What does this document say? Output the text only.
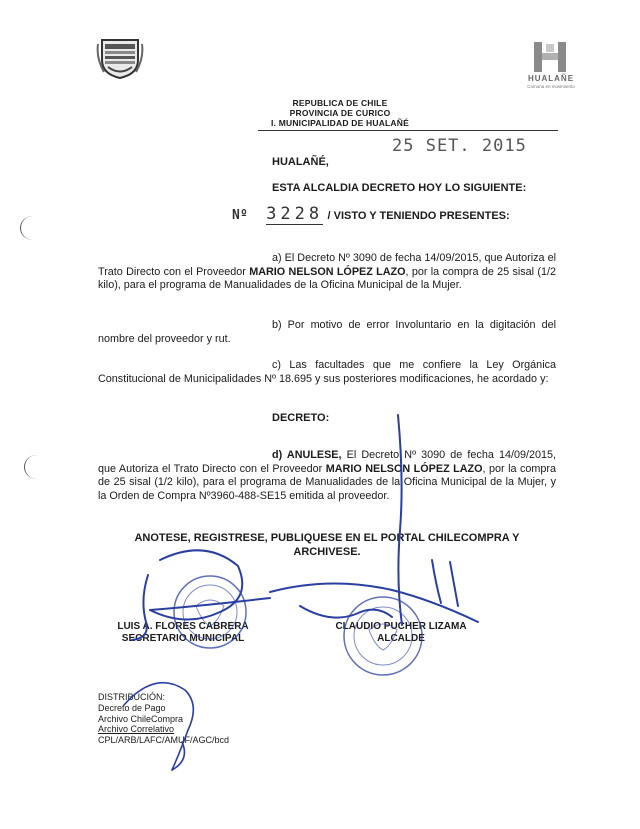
HUALAÑE
Comuna en movimiento
REPUBLICA DE CHILE
PROVINCIA DE CURICO
I. MUNICIPALIDAD DE HUALAÑÉ
25 SET. 2015
HUALAÑÉ,
ESTA ALCALDIA DECRETO HOY LO SIGUIENTE:
Nº 3228 / VISTO Y TENIENDO PRESENTES:
a) El Decreto Nº 3090 de fecha 14/09/2015, que Autoriza el Trato Directo con el Proveedor MARIO NELSON LÓPEZ LAZO, por la compra de 25 sisal (1/2 kilo), para el programa de Manualidades de la Oficina Municipal de la Mujer.
b) Por motivo de error Involuntario en la digitación del nombre del proveedor y rut.
c) Las facultades que me confiere la Ley Orgánica Constitucional de Municipalidades Nº 18.695 y sus posteriores modificaciones, he acordado y:
DECRETO:
d) ANULESE, El Decreto Nº 3090 de fecha 14/09/2015, que Autoriza el Trato Directo con el Proveedor MARIO NELSON LÓPEZ LAZO, por la compra de 25 sisal (1/2 kilo), para el programa de Manualidades de la Oficina Municipal de la Mujer, y la Orden de Compra Nº3960-488-SE15 emitida al proveedor.
ANOTESE, REGISTRESE, PUBLIQUESE EN EL PORTAL CHILECOMPRA Y ARCHIVESE.
LUIS A. FLORES CABRERA
SECRETARIO MUNICIPAL
CLAUDIO PUCHER LIZAMA
ALCALDE
DISTRIBUCIÓN:
Decreto de Pago
Archivo ChileCompra
Archivo Correlativo
CPL/ARB/LAFC/AMUF/AGC/bcd
